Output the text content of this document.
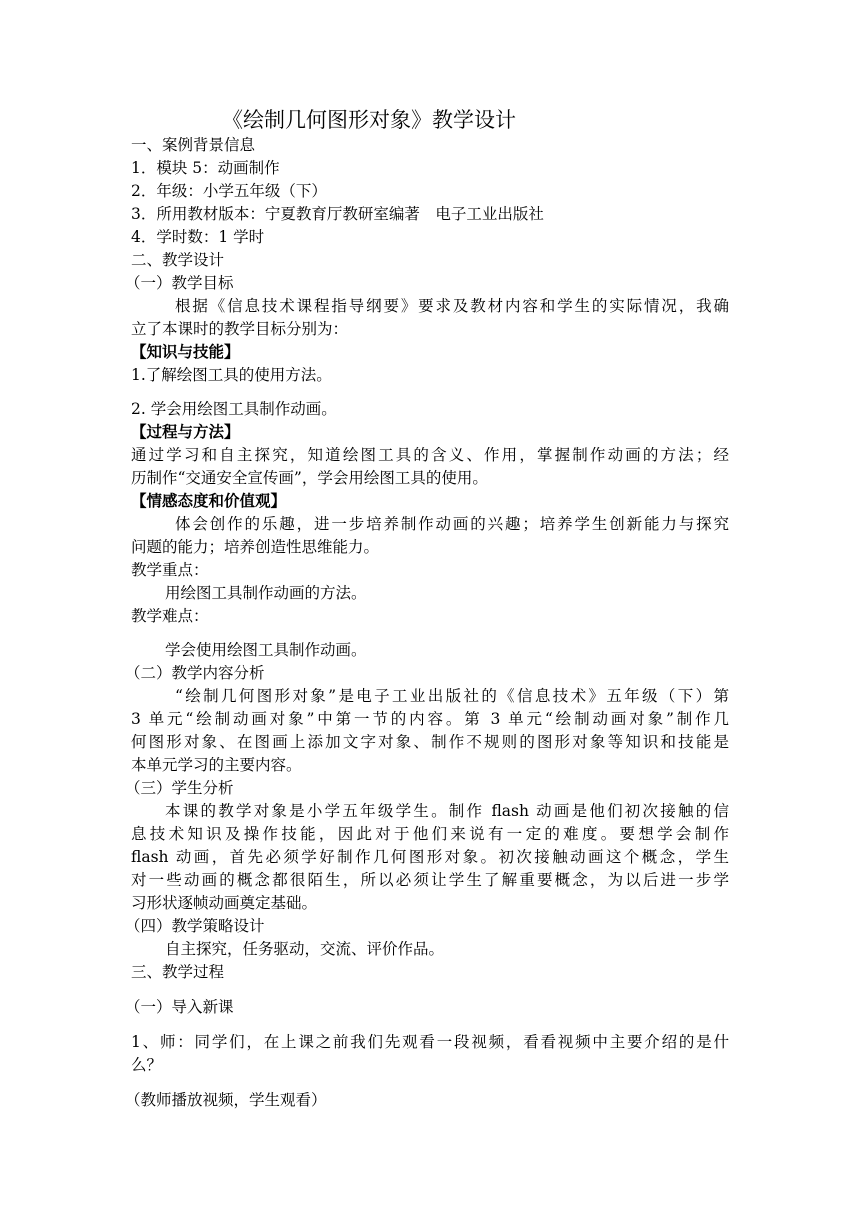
《绘制几何图形对象》教学设计
一、案例背景信息
1．模块 5：动画制作
2．年级：小学五年级（下）
3．所用教材版本：宁夏教育厅教研室编著　电子工业出版社
4．学时数：1 学时
二、教学设计
（一）教学目标
根据《信息技术课程指导纲要》要求及教材内容和学生的实际情况，我确
立了本课时的教学目标分别为：
【知识与技能】
1.了解绘图工具的使用方法。
2. 学会用绘图工具制作动画。
【过程与方法】
通过学习和自主探究，知道绘图工具的含义、作用，掌握制作动画的方法；经
历制作“交通安全宣传画”，学会用绘图工具的使用。
【情感态度和价值观】
体会创作的乐趣，进一步培养制作动画的兴趣；培养学生创新能力与探究
问题的能力；培养创造性思维能力。
教学重点：
用绘图工具制作动画的方法。
教学难点：
学会使用绘图工具制作动画。
（二）教学内容分析
“绘制几何图形对象”是电子工业出版社的《信息技术》五年级（下）第
3 单元“绘制动画对象”中第一节的内容。第 3 单元“绘制动画对象”制作几
何图形对象、在图画上添加文字对象、制作不规则的图形对象等知识和技能是
本单元学习的主要内容。
（三）学生分析
本课的教学对象是小学五年级学生。制作 flash 动画是他们初次接触的信
息技术知识及操作技能，因此对于他们来说有一定的难度。要想学会制作
flash 动画，首先必须学好制作几何图形对象。初次接触动画这个概念，学生
对一些动画的概念都很陌生，所以必须让学生了解重要概念，为以后进一步学
习形状逐帧动画奠定基础。
（四）教学策略设计
自主探究，任务驱动，交流、评价作品。
三、教学过程
（一）导入新课
1、师：同学们，在上课之前我们先观看一段视频，看看视频中主要介绍的是什
么？
（教师播放视频，学生观看）
